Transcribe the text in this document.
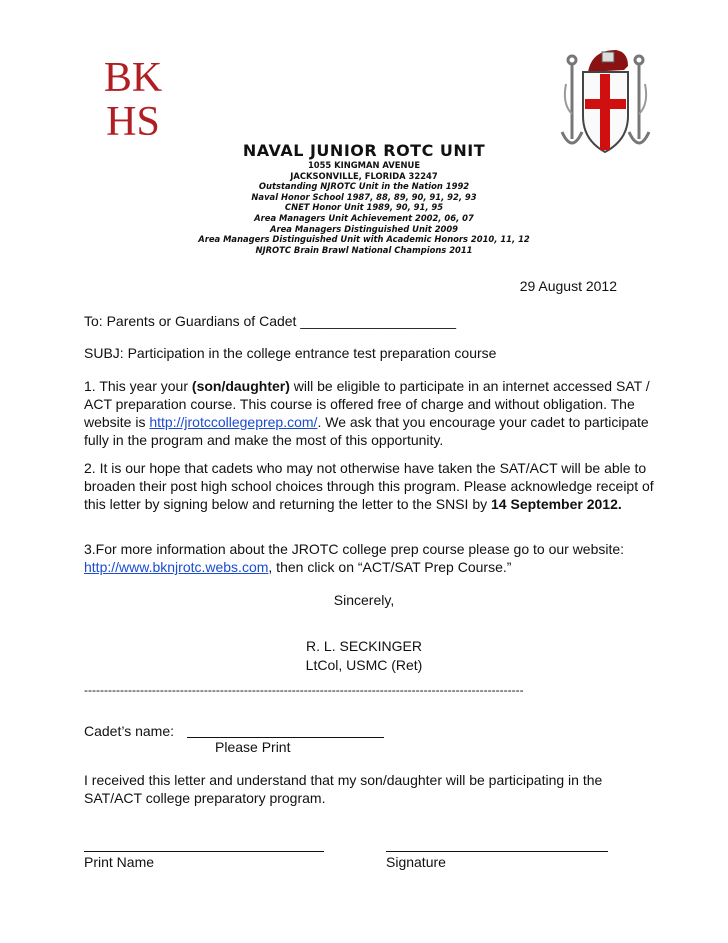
BK
HS
NAVAL JUNIOR ROTC UNIT
1055 KINGMAN AVENUE
JACKSONVILLE, FLORIDA 32247
Outstanding NJROTC Unit in the Nation 1992
Naval Honor School 1987, 88, 89, 90, 91, 92, 93
CNET Honor Unit 1989, 90, 91, 95
Area Managers Unit Achievement 2002, 06, 07
Area Managers Distinguished Unit 2009
Area Managers Distinguished Unit with Academic Honors 2010, 11, 12
NJROTC Brain Brawl National Champions 2011
29 August 2012
To: Parents or Guardians of Cadet ____________________
SUBJ: Participation in the college entrance test preparation course

1. This year your (son/daughter) will be eligible to participate in an internet accessed SAT / ACT preparation course. This course is offered free of charge and without obligation. The website is http://jrotccollegeprep.com/. We ask that you encourage your cadet to participate fully in the program and make the most of this opportunity.

2. It is our hope that cadets who may not otherwise have taken the SAT/ACT will be able to broaden their post high school choices through this program. Please acknowledge receipt of this letter by signing below and returning the letter to the SNSI by 14 September 2012.

3.For more information about the JROTC college prep course please go to our website: http://www.bknjrotc.webs.com, then click on “ACT/SAT Prep Course.”

Sincerely,
R. L. SECKINGER
LtCol, USMC (Ret)
--------------------------------------------------------------------------------------------------------------
Cadet’s name:
Please Print
I received this letter and understand that my son/daughter will be participating in the SAT/ACT college preparatory program.
Print Name	Signature
